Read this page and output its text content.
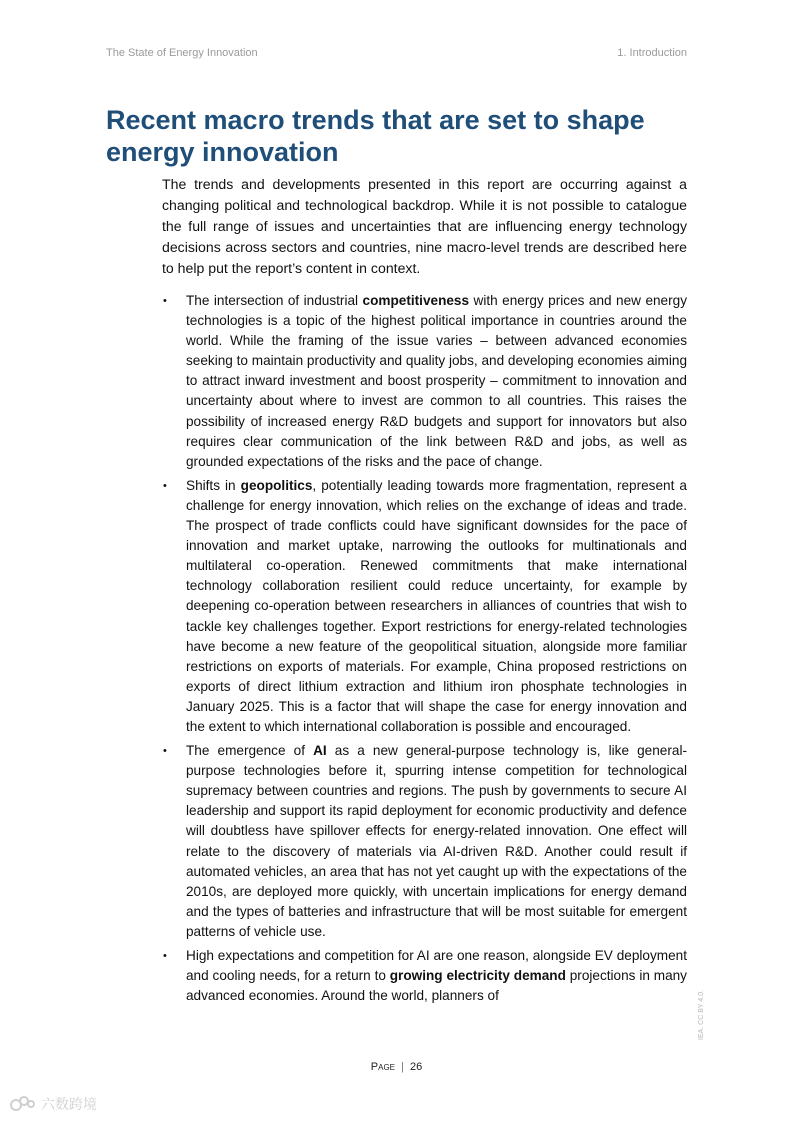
The State of Energy Innovation	1. Introduction
Recent macro trends that are set to shape energy innovation

The trends and developments presented in this report are occurring against a changing political and technological backdrop. While it is not possible to catalogue the full range of issues and uncertainties that are influencing energy technology decisions across sectors and countries, nine macro-level trends are described here to help put the report’s content in context.

• The intersection of industrial competitiveness with energy prices and new energy technologies is a topic of the highest political importance in countries around the world. While the framing of the issue varies – between advanced economies seeking to maintain productivity and quality jobs, and developing economies aiming to attract inward investment and boost prosperity – commitment to innovation and uncertainty about where to invest are common to all countries. This raises the possibility of increased energy R&D budgets and support for innovators but also requires clear communication of the link between R&D and jobs, as well as grounded expectations of the risks and the pace of change.
• Shifts in geopolitics, potentially leading towards more fragmentation, represent a challenge for energy innovation, which relies on the exchange of ideas and trade. The prospect of trade conflicts could have significant downsides for the pace of innovation and market uptake, narrowing the outlooks for multinationals and multilateral co-operation. Renewed commitments that make international technology collaboration resilient could reduce uncertainty, for example by deepening co-operation between researchers in alliances of countries that wish to tackle key challenges together. Export restrictions for energy-related technologies have become a new feature of the geopolitical situation, alongside more familiar restrictions on exports of materials. For example, China proposed restrictions on exports of direct lithium extraction and lithium iron phosphate technologies in January 2025. This is a factor that will shape the case for energy innovation and the extent to which international collaboration is possible and encouraged.
• The emergence of AI as a new general-purpose technology is, like general-purpose technologies before it, spurring intense competition for technological supremacy between countries and regions. The push by governments to secure AI leadership and support its rapid deployment for economic productivity and defence will doubtless have spillover effects for energy-related innovation. One effect will relate to the discovery of materials via AI-driven R&D. Another could result if automated vehicles, an area that has not yet caught up with the expectations of the 2010s, are deployed more quickly, with uncertain implications for energy demand and the types of batteries and infrastructure that will be most suitable for emergent patterns of vehicle use.
• High expectations and competition for AI are one reason, alongside EV deployment and cooling needs, for a return to growing electricity demand projections in many advanced economies. Around the world, planners of
Page | 26
IEA. CC BY 4.0.
六数跨境
